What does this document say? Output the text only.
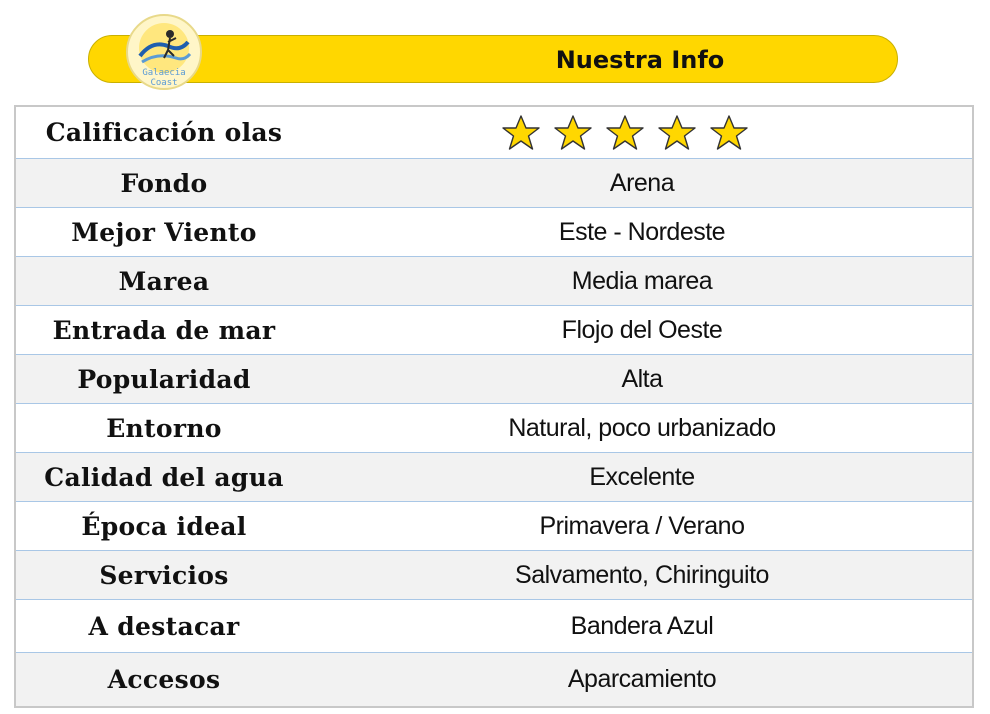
Galaecia
Coast
Nuestra Info
Calificación olas
Fondo	Arena
Mejor Viento	Este - Nordeste
Marea	Media marea
Entrada de mar	Flojo del Oeste
Popularidad	Alta
Entorno	Natural, poco urbanizado
Calidad del agua	Excelente
Época ideal	Primavera / Verano
Servicios	Salvamento, Chiringuito
A destacar	Bandera Azul
Accesos	Aparcamiento
